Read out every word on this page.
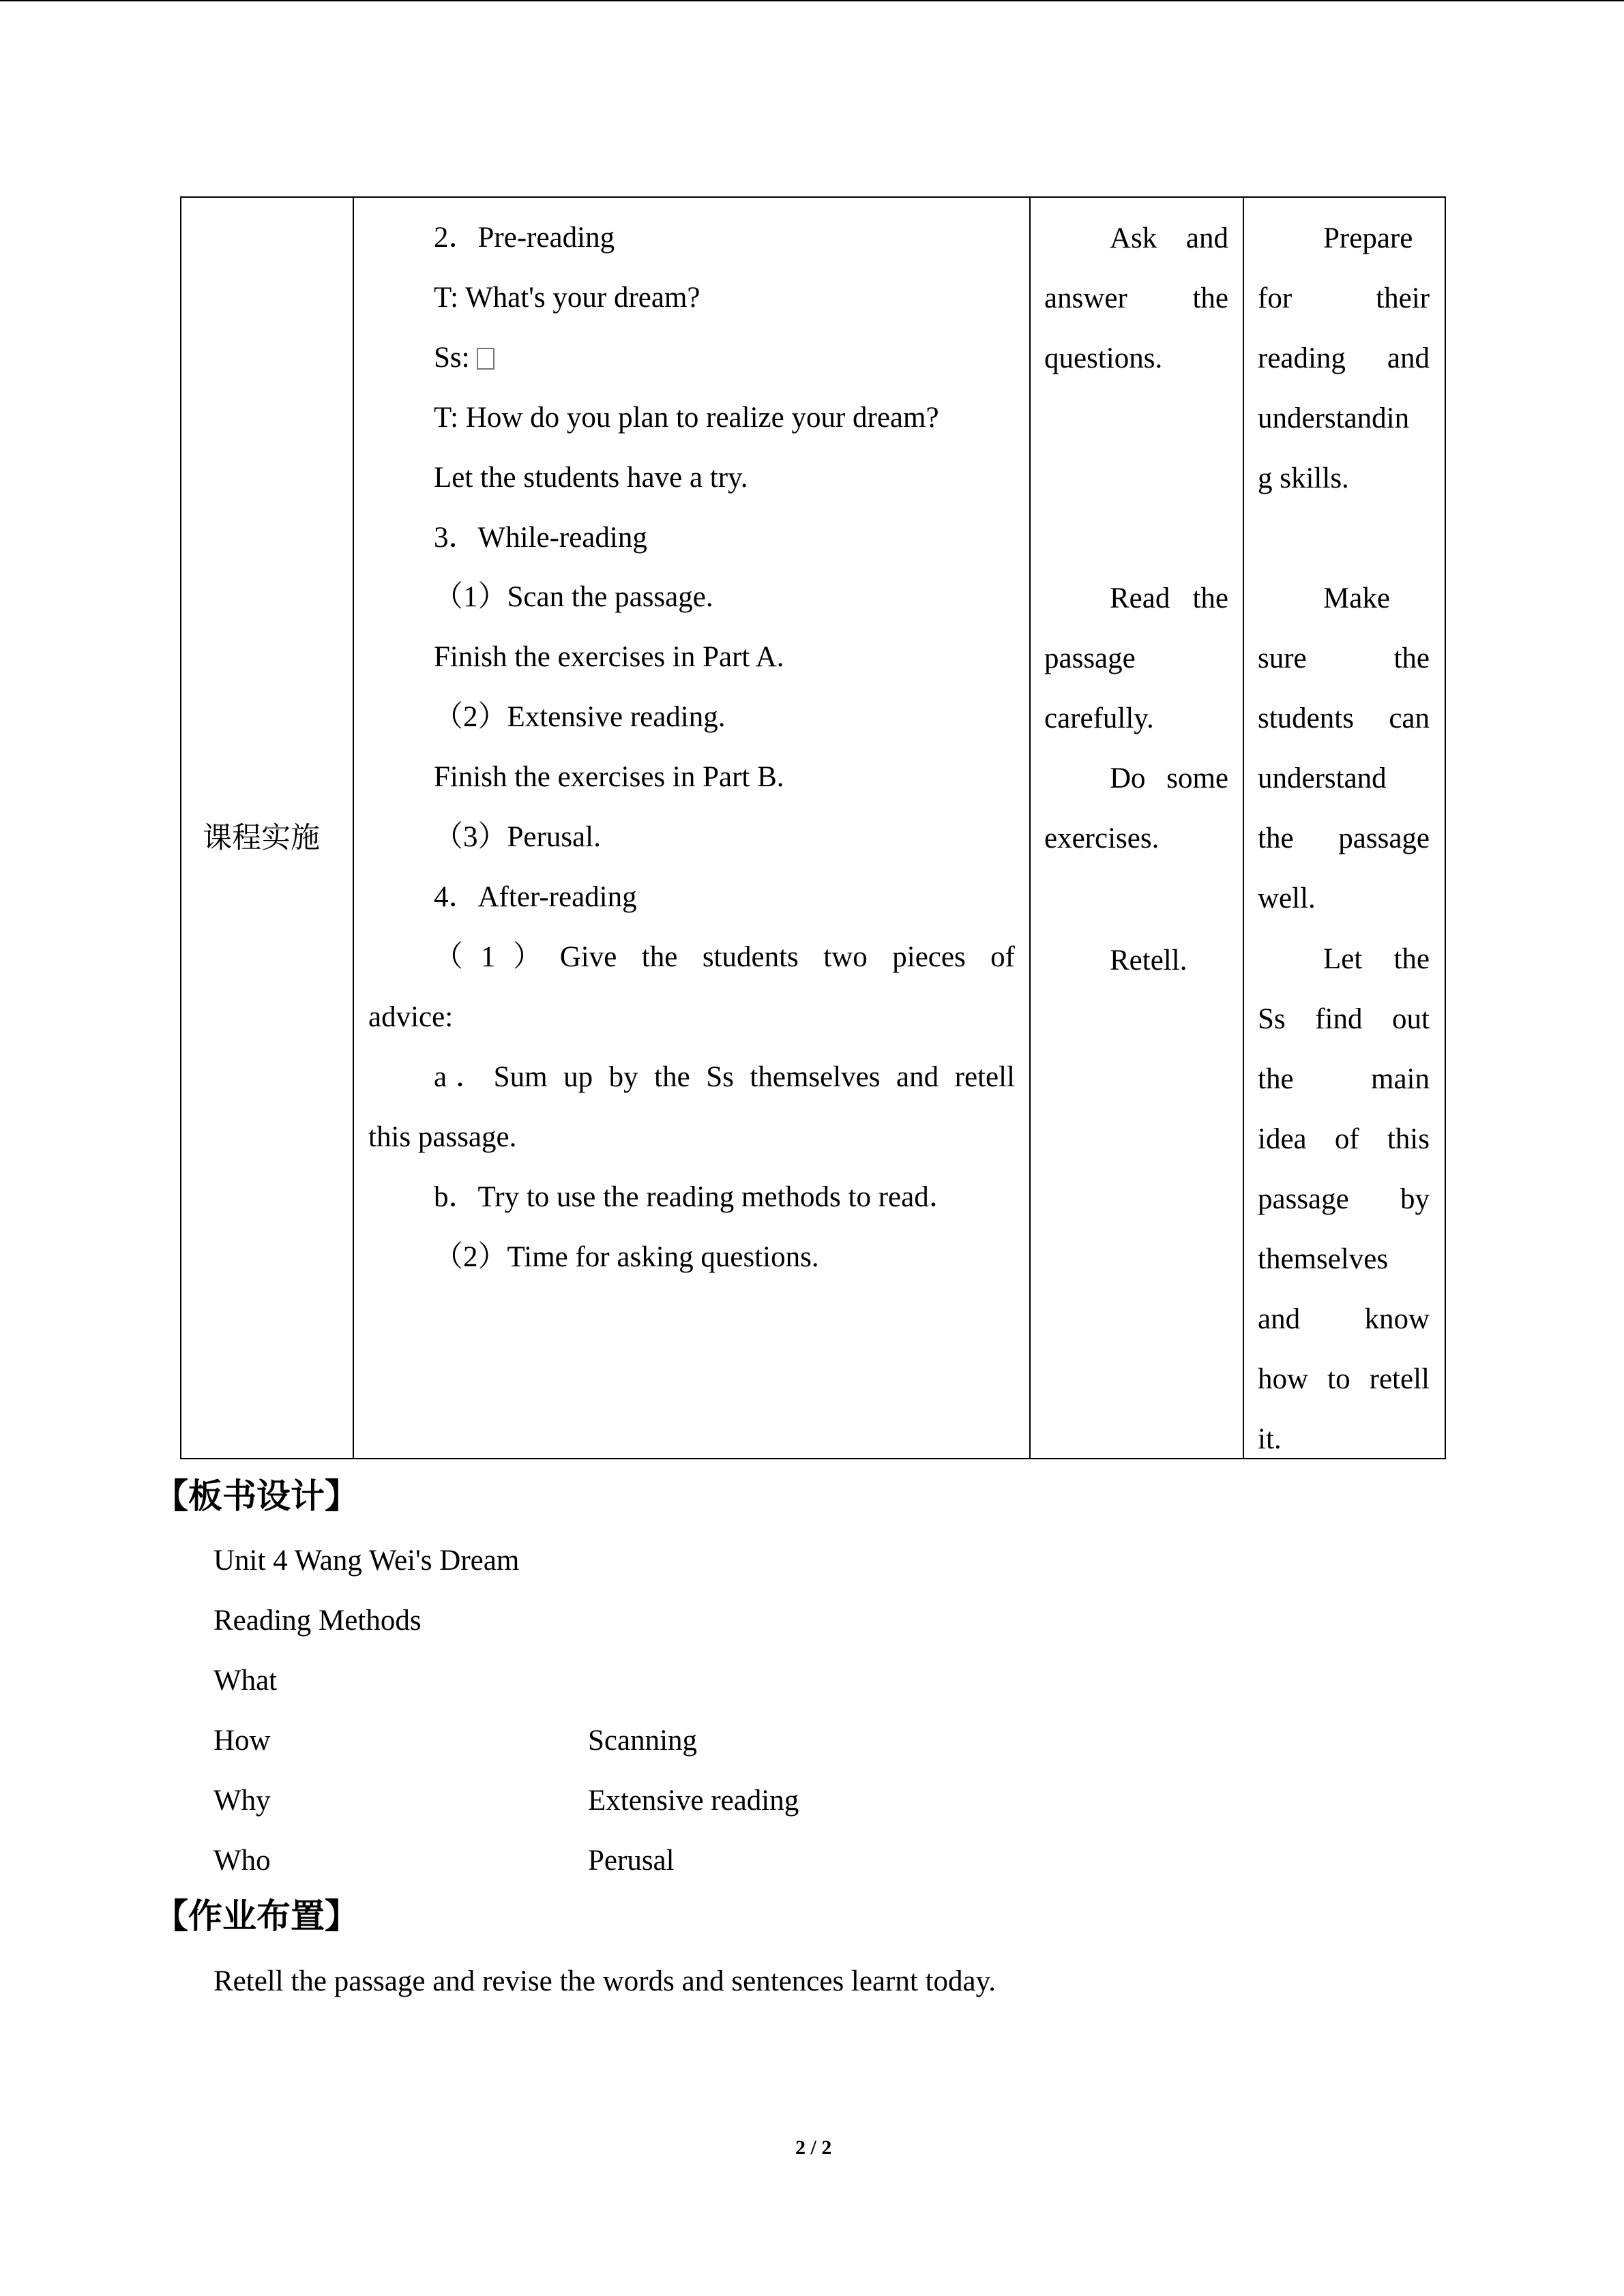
课程实施
2．Pre-reading
T: What's your dream?
Ss:
T: How do you plan to realize your dream?
Let the students have a try.
3．While-reading
（1）Scan the passage.
Finish the exercises in Part A.
（2）Extensive reading.
Finish the exercises in Part B.
（3）Perusal.
4．After-reading
（1）Give the students two pieces of
advice:
a．Sum up by the Ss themselves and retell
this passage.
b．Try to use the reading methods to read．
（2）Time for asking questions.
Ask and
answer the
questions.
Read the
passage
carefully.
Do some
exercises.
Retell.
Prepare
for their
reading and
understandin
g skills.
Make
sure the
students can
understand
the passage
well.
Let the
Ss find out
the main
idea of this
passage by
themselves
and know
how to retell
it.
【板书设计】
Unit 4 Wang Wei's Dream
Reading Methods
What
How
Why
Who
Scanning
Extensive reading
Perusal
【作业布置】
Retell the passage and revise the words and sentences learnt today.
2 / 2
